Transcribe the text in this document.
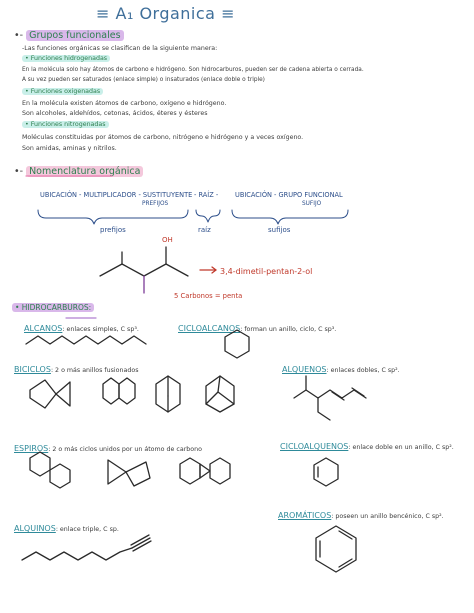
≡ A₁ Organica ≡
•- Grupos funcionales
-Las funciones orgánicas se clasifican de la siguiente manera:
• Funciones hidrogenadas
En la molécula solo hay átomos de carbono e hidrógeno. Son hidrocarburos, pueden ser de cadena abierta o cerrada.
A su vez pueden ser saturados (enlace simple) o insaturados (enlace doble o triple)
• Funciones oxigenadas
En la molécula existen átomos de carbono, oxígeno e hidrógeno.
Son alcoholes, aldehídos, cetonas, ácidos, éteres y ésteres
• Funciones nitrogenadas
Moléculas constituidas por átomos de carbono, nitrógeno e hidrógeno y a veces oxígeno.
Son amidas, aminas y nitrilos.
•- Nomenclatura orgánica
UBICACIÓN - MULTIPLICADOR - SUSTITUYENTE - RAÍZ -	UBICACIÓN - GRUPO FUNCIONAL
PREFIJOS	SUFIJO
prefijos	raíz	sufijos
OH
3,4-dimetil-pentan-2-ol
5 Carbonos = penta
• HIDROCARBUROS:
ALCANOS: enlaces simples, C sp³.	CICLOALCANOS: forman un anillo, ciclo, C sp³.
BICICLOS: 2 o más anillos fusionados	ALQUENOS: enlaces dobles, C sp².
ESPIROS: 2 o más ciclos unidos por un átomo de carbono	CICLOALQUENOS: enlace doble en un anillo, C sp².
ALQUINOS: enlace triple, C sp.
AROMÁTICOS: poseen un anillo bencénico, C sp².
